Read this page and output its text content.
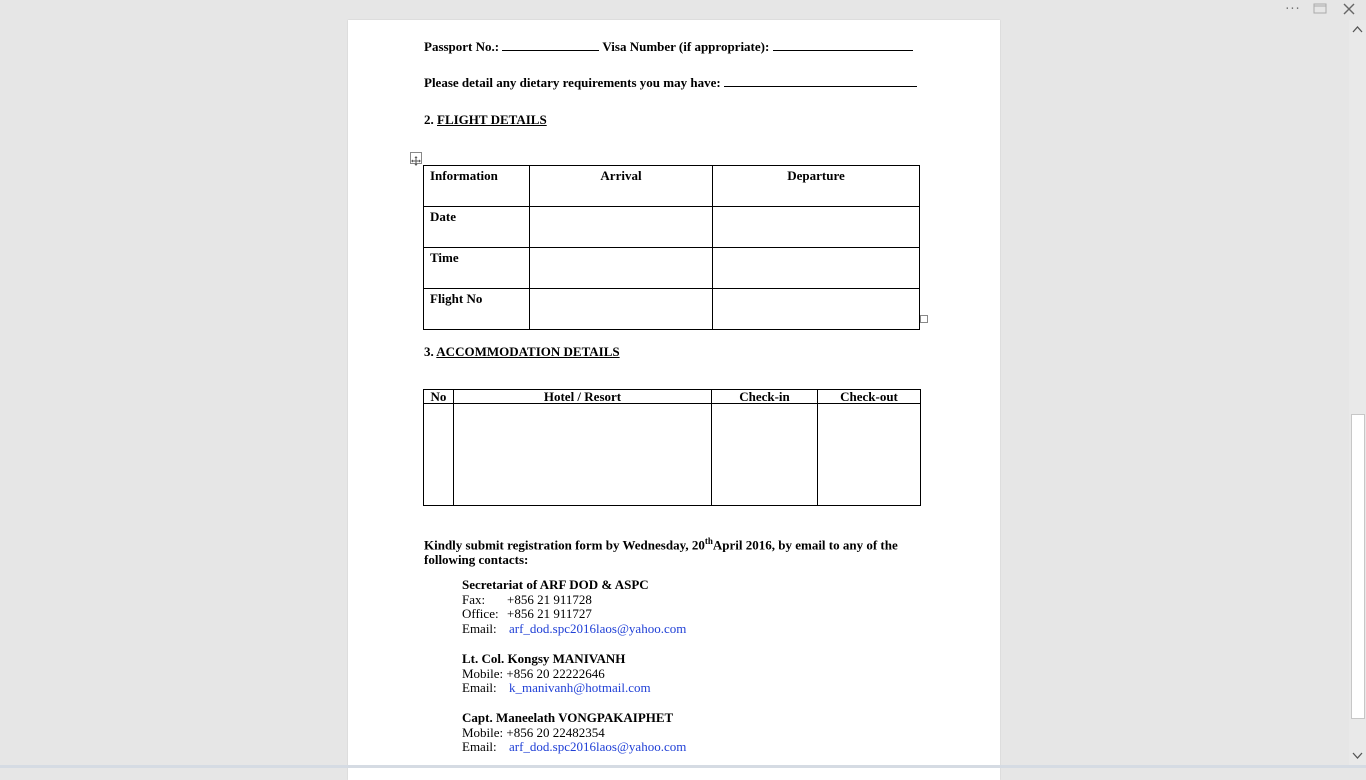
···
Passport No.:	Visa Number (if appropriate):
Please detail any dietary requirements you may have:
2. FLIGHT DETAILS
Information	Arrival	Departure
Date		
Time		
Flight No		
3. ACCOMMODATION DETAILS
No	Hotel / Resort	Check-in	Check-out

Kindly submit registration form by Wednesday, 20thApril 2016, by email to any of the
following contacts:
Secretariat of ARF DOD & ASPC
Fax: +856 21 911728
Office: +856 21 911727
Email: arf_dod.spc2016laos@yahoo.com
Lt. Col. Kongsy MANIVANH
Mobile: +856 20 22222646
Email: k_manivanh@hotmail.com
Capt. Maneelath VONGPAKAIPHET
Mobile: +856 20 22482354
Email: arf_dod.spc2016laos@yahoo.com
